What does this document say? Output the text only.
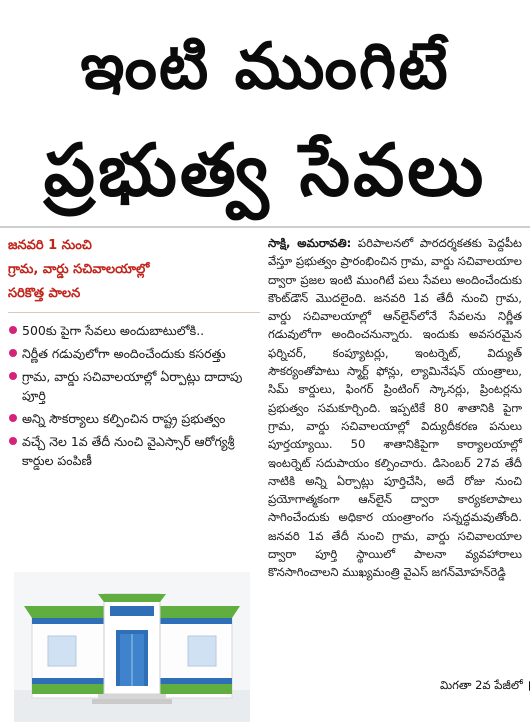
ఇంటి ముంగిటే
ప్రభుత్వ సేవలు

జనవరి 1 నుంచి

గ్రామ, వార్డు సచివాలయాల్లో

సరికొత్త పాలన

500కు పైగా సేవలు అందుబాటులోకి..
నిర్ణీత గడువులోగా అందించేందుకు కసరత్తు
గ్రామ, వార్డు సచివాలయాల్లో ఏర్పాట్లు దాదాపు పూర్తి
అన్ని సౌకర్యాలు కల్పించిన రాష్ట్ర ప్రభుత్వం
వచ్చే నెల 1వ తేదీ నుంచి వైఎస్సార్ ఆరోగ్యశ్రీ కార్డుల పంపిణీ

సాక్షి, అమరావతి: పరిపాలనలో పారదర్శకతకు పెద్దపీట వేస్తూ ప్రభుత్వం ప్రారంభించిన గ్రామ, వార్డు సచివాలయాల ద్వారా ప్రజల ఇంటి ముంగిటే పలు సేవలు అందించేందుకు కౌంట్‌డౌన్ మొదలైంది. జనవరి 1వ తేదీ నుంచి గ్రామ, వార్డు సచివాలయాల్లో ఆన్‌లైన్‌లోనే సేవలను నిర్ణీత గడువులోగా అందించనున్నారు. ఇందుకు అవసరమైన ఫర్నిచర్, కంప్యూటర్లు, ఇంటర్నెట్, విద్యుత్ సౌకర్యంతోపాటు స్మార్ట్ ఫోన్లు, ల్యామినేషన్ యంత్రాలు, సిమ్ కార్డులు, ఫింగర్ ప్రింటింగ్ స్కానర్లు, ప్రింటర్లను ప్రభుత్వం సమకూర్చింది. ఇప్పటికే 80 శాతానికి పైగా గ్రామ, వార్డు సచివాలయాల్లో విద్యుదీకరణ పనులు పూర్తయ్యాయి. 50 శాతానికిపైగా కార్యాలయాల్లో ఇంటర్నెట్ సదుపాయం కల్పించారు. డిసెంబర్ 27వ తేదీ నాటికి అన్ని ఏర్పాట్లు పూర్తిచేసి, అదే రోజు నుంచి ప్రయోగాత్మకంగా ఆన్‌లైన్ ద్వారా కార్యకలాపాలు సాగించేందుకు అధికార యంత్రాంగం సన్నద్ధమవుతోంది. జనవరి 1వ తేదీ నుంచి గ్రామ, వార్డు సచివాలయాల ద్వారా పూర్తి స్థాయిలో పాలనా వ్యవహారాలు కొనసాగించాలని ముఖ్యమంత్రి వైఎస్ జగన్‌మోహన్‌రెడ్డి

మిగతా 2వ పేజీలో
